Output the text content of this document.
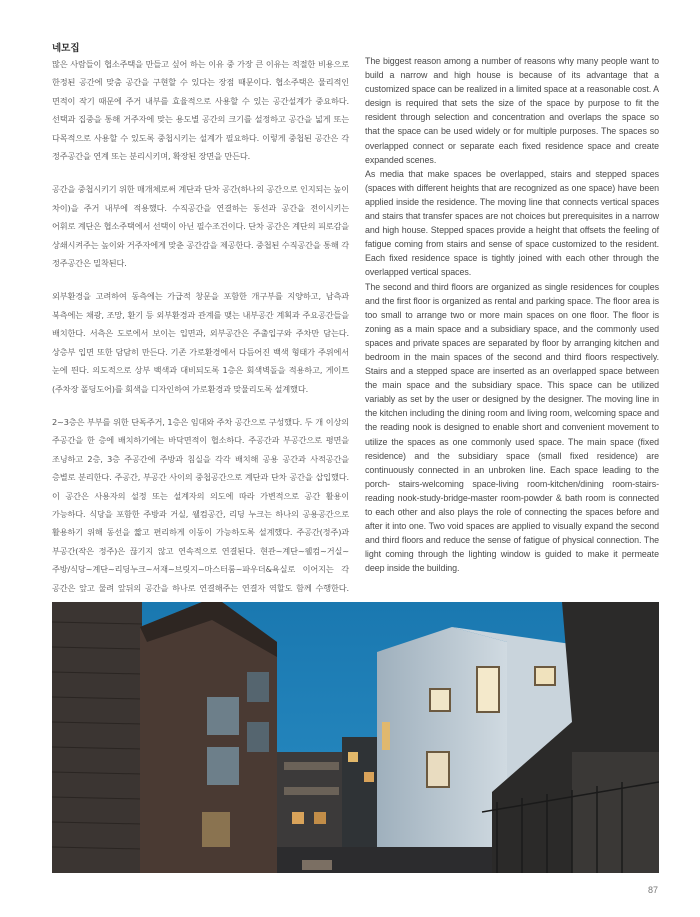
네모집

많은 사람들이 협소주택을 만들고 싶어 하는 이유 중 가장 큰 이유는 적절한 비용으로 한정된 공간에 맞춤 공간을 구현할 수 있다는 장점 때문이다. 협소주택은 물리적인 면적이 작기 때문에 주거 내부를 효율적으로 사용할 수 있는 공간설계가 중요하다. 선택과 집중을 통해 거주자에 맞는 용도별 공간의 크기를 설정하고 공간을 넓게 또는 다목적으로 사용할 수 있도록 중첩시키는 설계가 필요하다. 이렇게 중첩된 공간은 각 정주공간을 연계 또는 분리시키며, 확장된 장면을 만든다.

공간을 중첩시키기 위한 매개체로써 계단과 단차 공간(하나의 공간으로 인지되는 높이 차이)을 주거 내부에 적용했다. 수직공간을 연결하는 동선과 공간을 전이시키는 어휘로 계단은 협소주택에서 선택이 아닌 필수조건이다. 단차 공간은 계단의 피로감을 상쇄시켜주는 높이와 거주자에게 맞춘 공간감을 제공한다. 중첩된 수직공간을 통해 각 정주공간은 밀착된다.

외부환경을 고려하여 동측에는 가급적 창문을 포함한 개구부를 지양하고, 남측과 북측에는 채광, 조망, 환기 등 외부환경과 관계를 맺는 내부공간 계획과 주요공간들을 배치한다. 서측은 도로에서 보이는 입면과, 외부공간은 주출입구와 주차만 담는다. 상층부 입면 또한 담담히 만든다. 기존 가로환경에서 다듬어진 백색 형태가 주위에서 눈에 띈다. 의도적으로 상부 백색과 대비되도록 1층은 회색벽돌을 적용하고, 게이트(주차장 폴딩도어)를 회색을 디자인하여 가로환경과 맞물리도록 설계했다.

2~3층은 부부를 위한 단독주거, 1층은 임대와 주차 공간으로 구성했다. 두 개 이상의 주공간을 한 층에 배치하기에는 바닥면적이 협소하다. 주공간과 부공간으로 평면을 조닝하고 2층, 3층 주공간에 주방과 침실을 각각 배치해 공용 공간과 사적공간을 층별로 분리한다. 주공간, 부공간 사이의 중첩공간으로 계단과 단차 공간을 삽입했다. 이 공간은 사용자의 설정 또는 설계자의 의도에 따라 가변적으로 공간 활용이 가능하다. 식당을 포함한 주방과 거실, 웰컴공간, 리딩 누크는 하나의 공용공간으로 활용하기 위해 동선을 짧고 편리하게 이동이 가능하도록 설계했다. 주공간(정주)과 부공간(작은 정주)은 끊기지 않고 연속적으로 연결된다. 현관~계단~웰컴~거실~주방/식당~계단~리딩누크~서재~브릿지~마스터룸~파우더&욕실로 이어지는 각 공간은 앞고 물려 앞뒤의 공간을 하나로 연결해주는 연결자 역할도 함께 수행한다.

The biggest reason among a number of reasons why many people want to build a narrow and high house is because of its advantage that a customized space can be realized in a limited space at a reasonable cost. A design is required that sets the size of the space by purpose to fit the resident through selection and concentration and overlaps the space so that the space can be used widely or for multiple purposes. The spaces so overlapped connect or separate each fixed residence space and create expanded scenes.

As media that make spaces be overlapped, stairs and stepped spaces (spaces with different heights that are recognized as one space) have been applied inside the residence. The moving line that connects vertical spaces and stairs that transfer spaces are not choices but prerequisites in a narrow and high house. Stepped spaces provide a height that offsets the feeling of fatigue coming from stairs and sense of space customized to the resident. Each fixed residence space is tightly joined with each other through the overlapped vertical spaces.

The second and third floors are organized as single residences for couples and the first floor is organized as rental and parking space. The floor area is too small to arrange two or more main spaces on one floor. The floor is zoning as a main space and a subsidiary space, and the commonly used spaces and private spaces are separated by floor by arranging kitchen and bedroom in the main spaces of the second and third floors respectively. Stairs and a stepped space are inserted as an overlapped space between the main space and the subsidiary space. This space can be utilized variably as set by the user or designed by the designer. The moving line in the kitchen including the dining room and living room, welcoming space and the reading nook is designed to enable short and convenient movement to utilize the spaces as one commonly used space. The main space (fixed residence) and the subsidiary space (small fixed residence) are continuously connected in an unbroken line. Each space leading to the porch- stairs-welcoming space-living room-kitchen/dining room-stairs-reading nook-study-bridge-master room-powder & bath room is connected to each other and also plays the role of connecting the spaces before and after it into one. Two void spaces are applied to visually expand the second and third floors and reduce the sense of fatigue of physical connection. The light coming through the lighting window is guided to make it permeate deep inside the building.

87
